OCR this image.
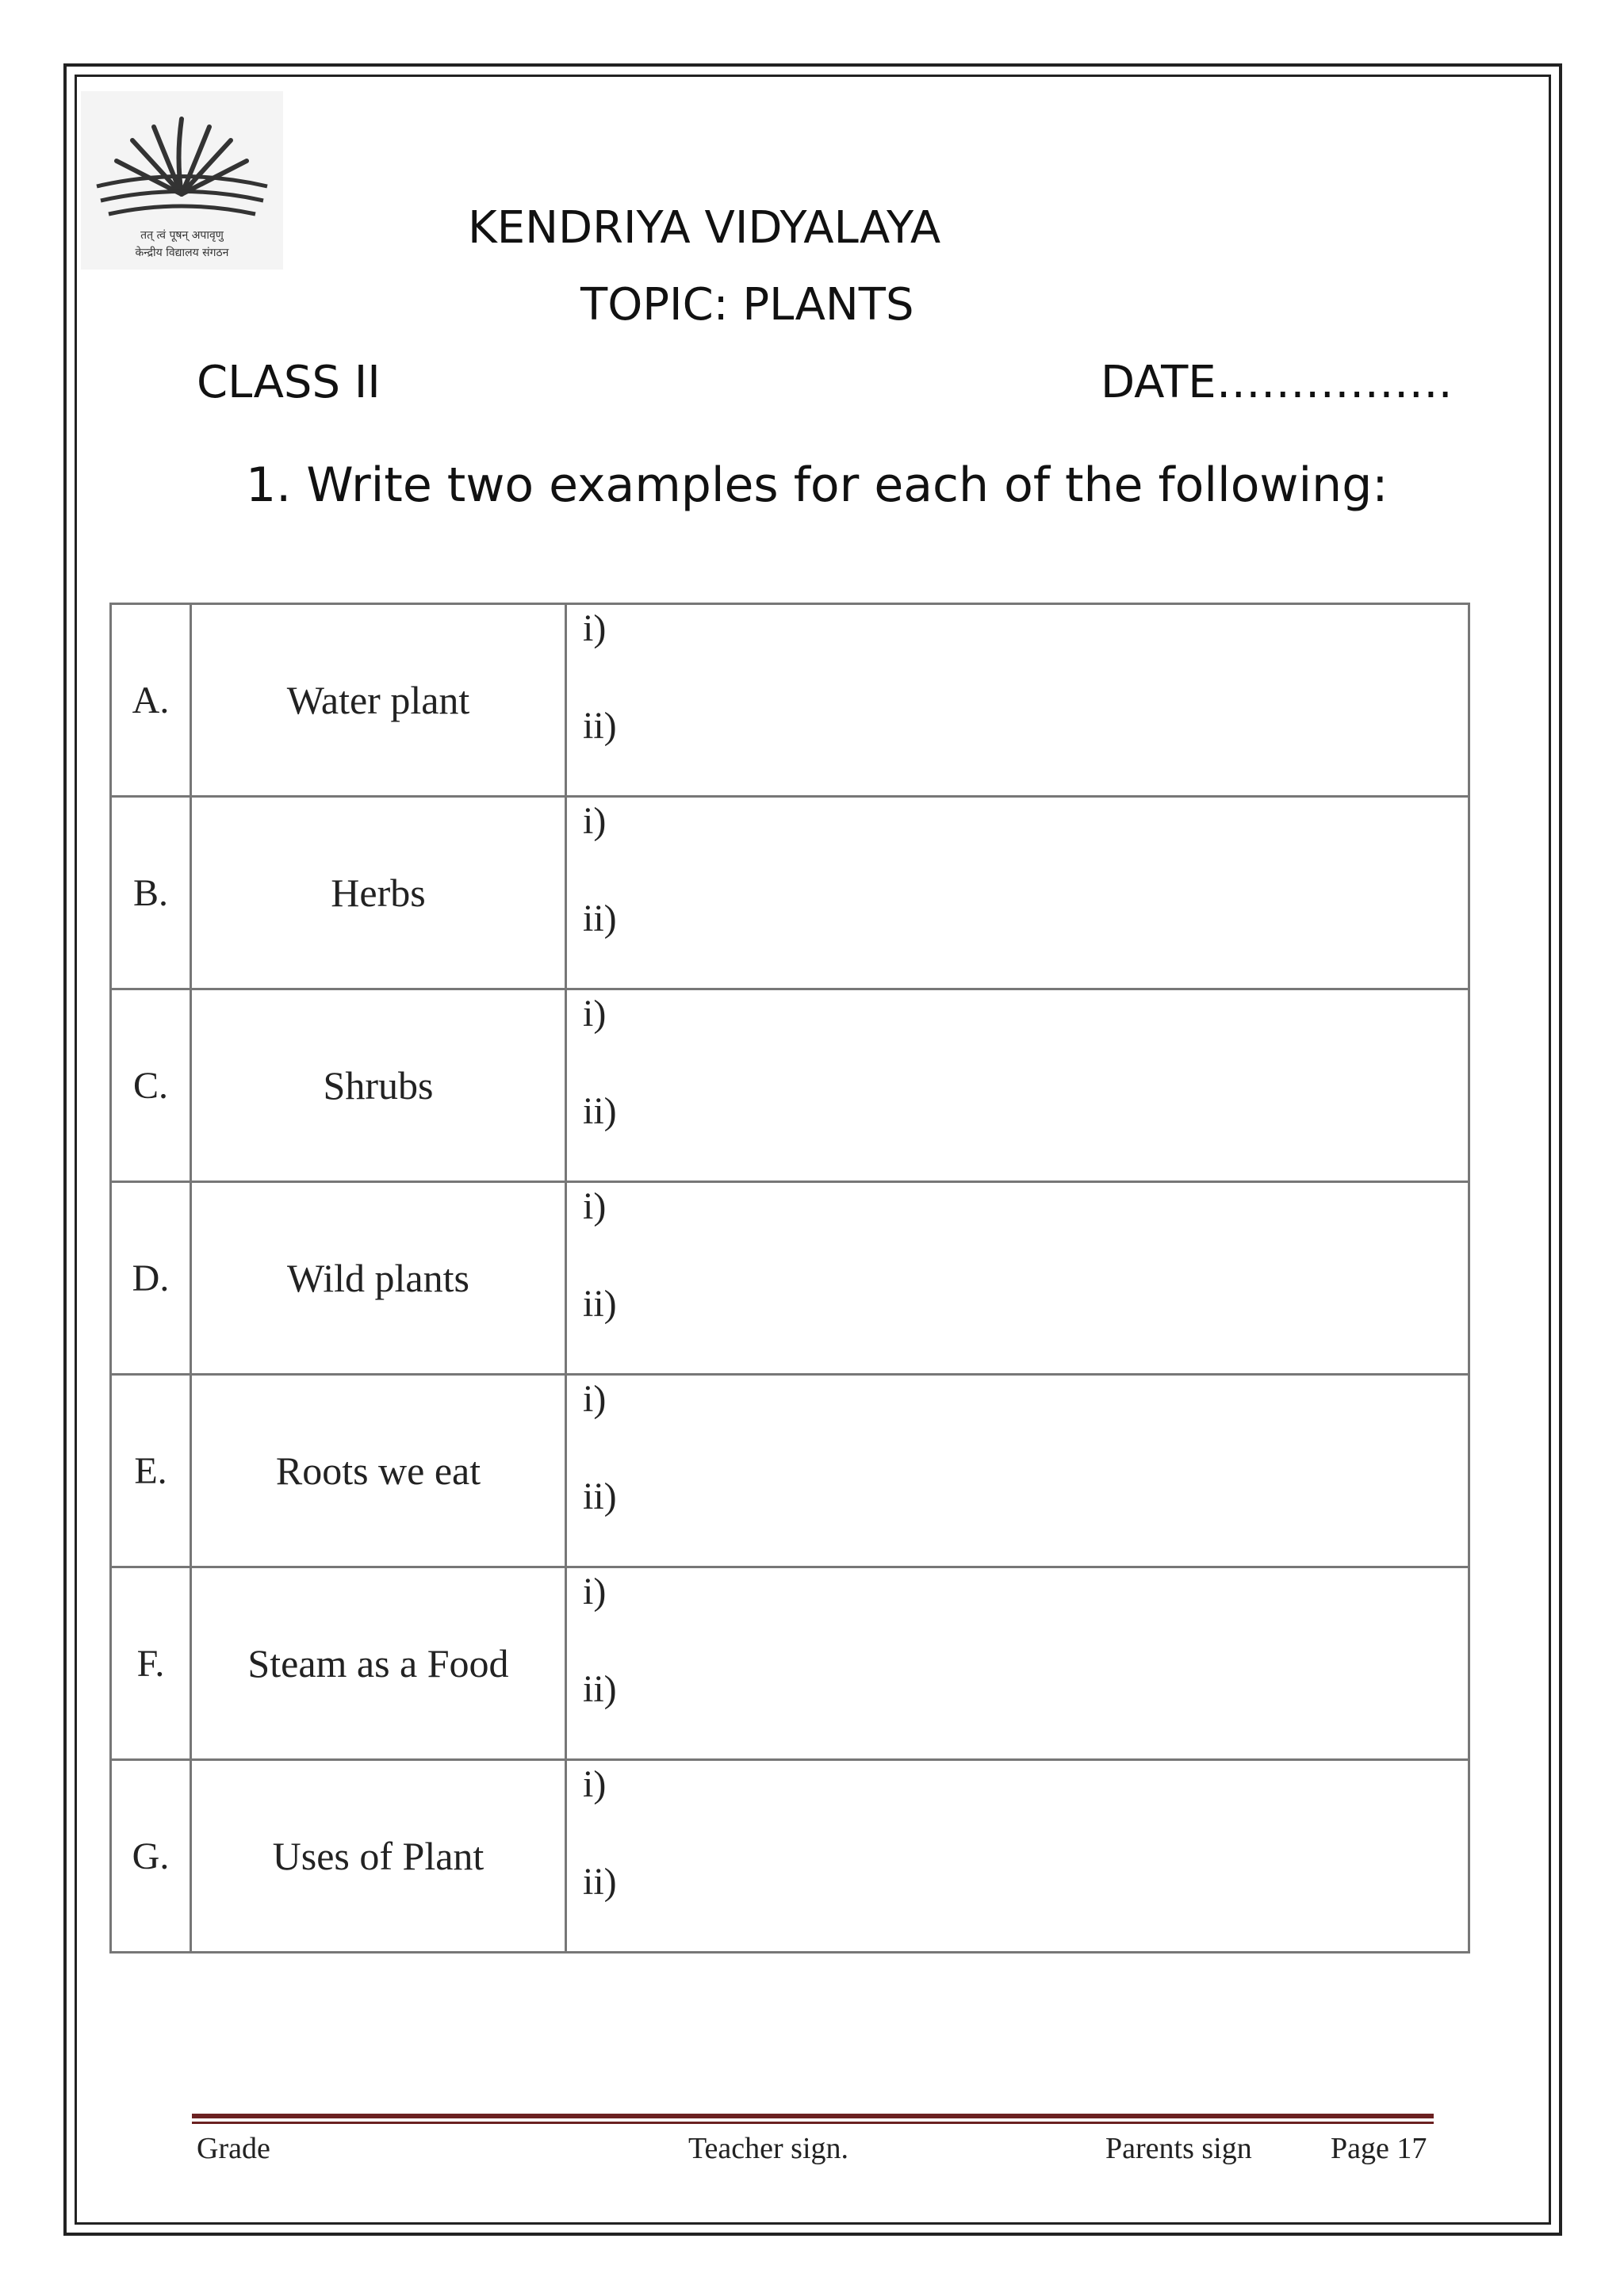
तत् त्वं पूषन् अपावृणु
केन्द्रीय विद्यालय संगठन	KENDRIYA VIDYALAYA
TOPIC: PLANTS
CLASS II	DATE…………….
1. Write two examples for each of the following:
A.	Water plant	i)
ii)

B.	Herbs	i)
ii)

C.	Shrubs	i)
ii)

D.	Wild plants	i)
ii)

E.	Roots we eat	i)
ii)

F.	Steam as a Food	i)
ii)

G.	Uses of Plant	i)
ii)
Grade	Teacher sign.	Parents sign	Page 17
